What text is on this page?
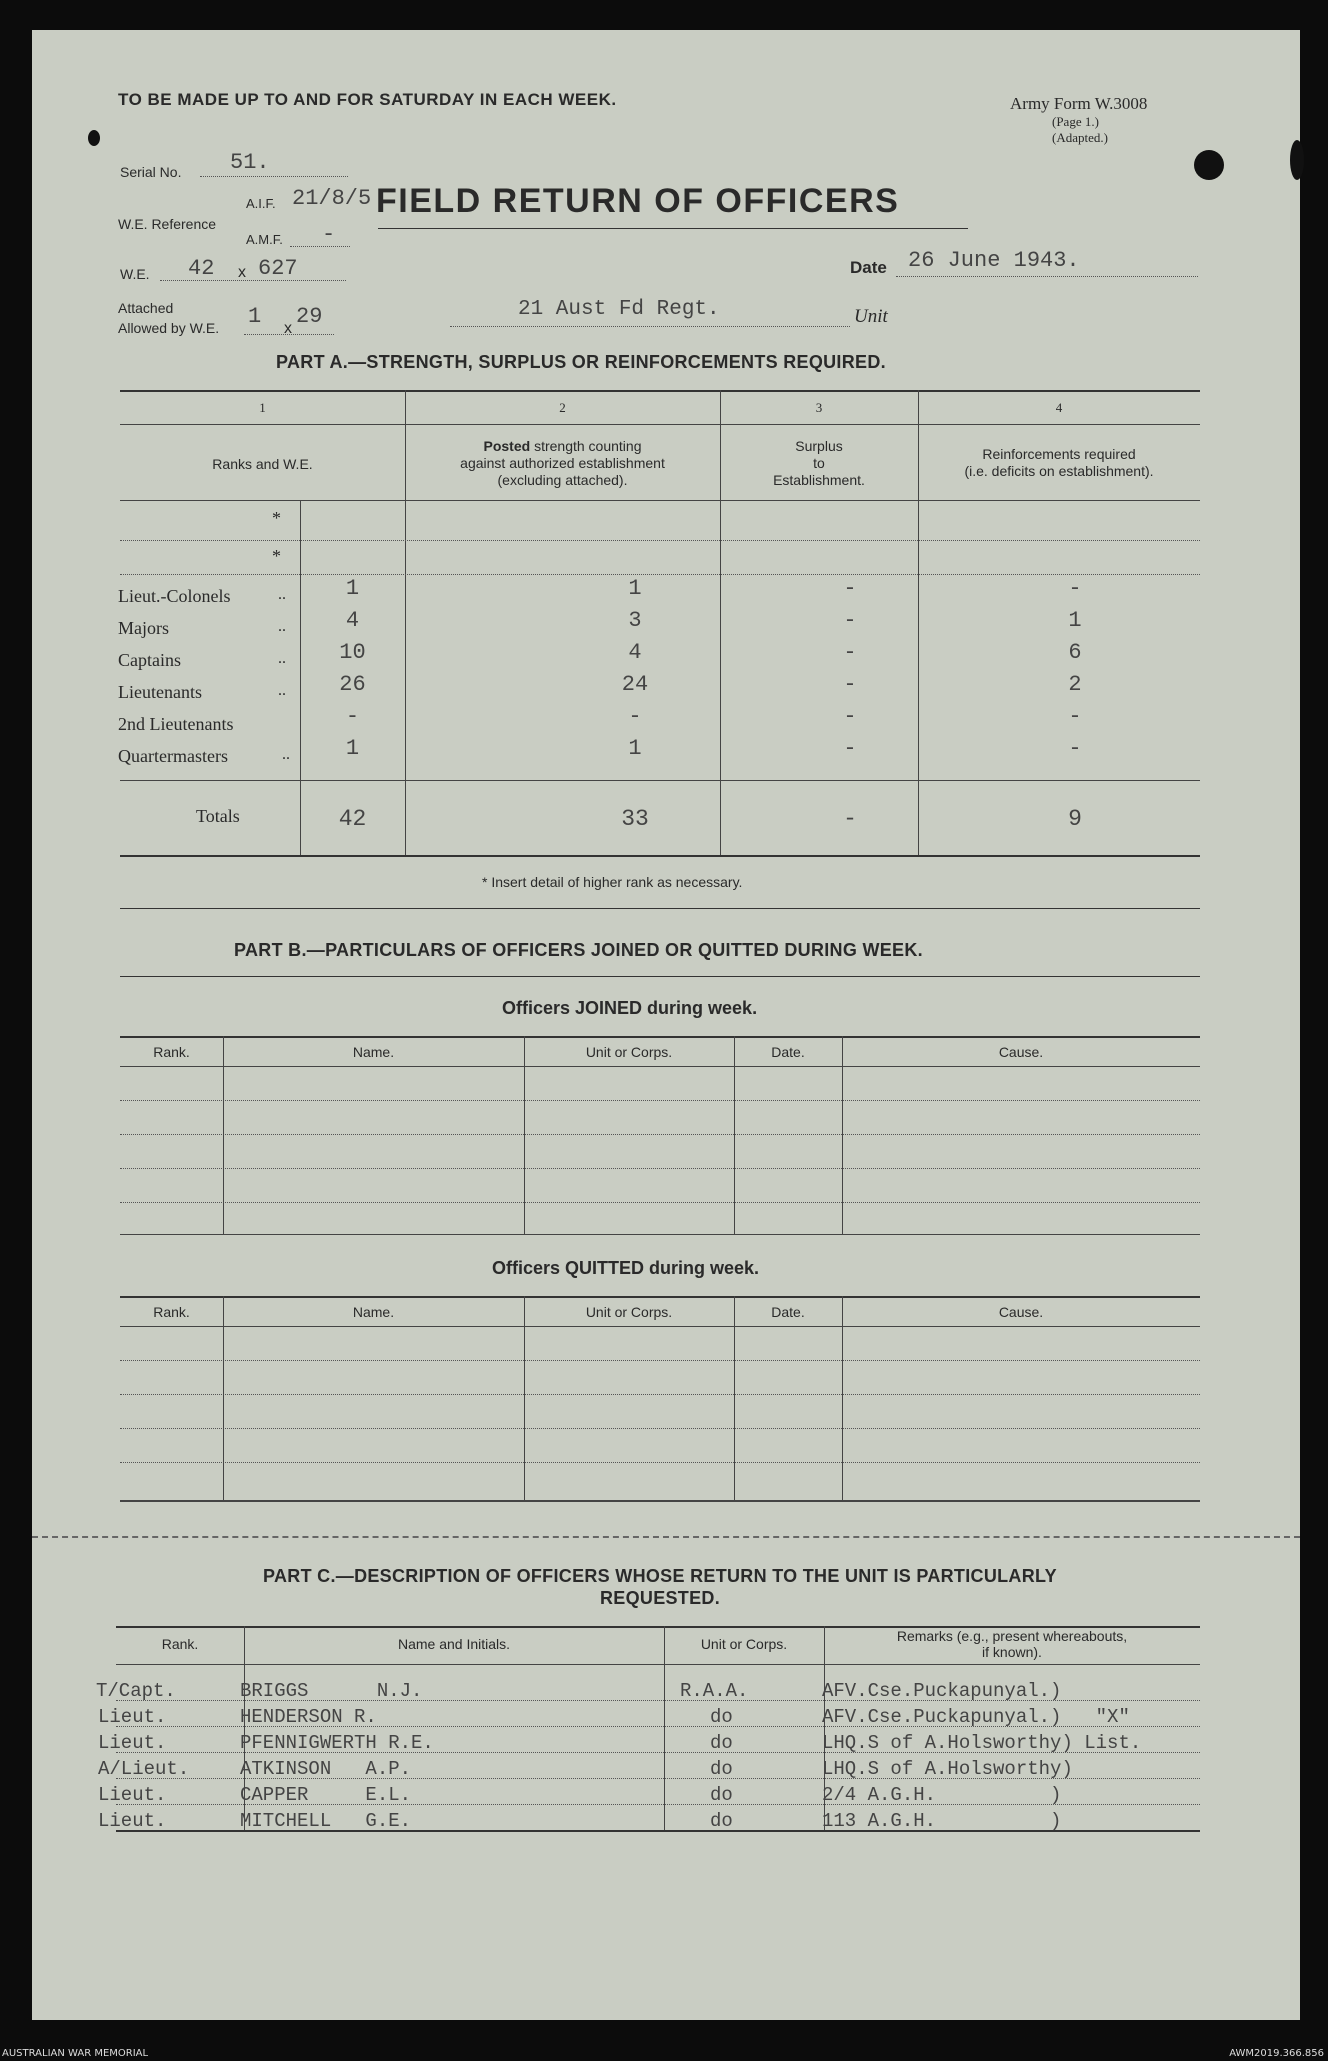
TO BE MADE UP TO AND FOR SATURDAY IN EACH WEEK.	Army Form W.3008
(Page 1.)
(Adapted.)
Serial No. 51.
A.I.F. 21/8/5
W.E. Reference
A.M.F. -
FIELD RETURN OF OFFICERS
W.E. 42 x 627	Date 26 June 1943.
Attached
Allowed by W.E. 1 x 29	21 Aust Fd Regt.	Unit
PART A.—STRENGTH, SURPLUS OR REINFORCEMENTS REQUIRED.
1	2	3	4
Ranks and W.E.
Posted strength counting
against authorized establishment
(excluding attached).
Surplus
to
Establishment.
Reinforcements required
(i.e. deficits on establishment).
*
*
Lieut.-Colonels	..	1	1	-	-
Majors	..	4	3	-	1
Captains	..	10	4	-	6
Lieutenants	..	26	24	-	2
2nd Lieutenants	-	-	-	-
Quartermasters	..	1	1	-	-
Totals	42	33	-	9
* Insert detail of higher rank as necessary.
PART B.—PARTICULARS OF OFFICERS JOINED OR QUITTED DURING WEEK.
Officers JOINED during week.
Rank.	Name.	Unit or Corps.	Date.	Cause.
Officers QUITTED during week.
Rank.	Name.	Unit or Corps.	Date.	Cause.
PART C.—DESCRIPTION OF OFFICERS WHOSE RETURN TO THE UNIT IS PARTICULARLY
REQUESTED.
Rank.	Name and Initials.	Unit or Corps.	Remarks (e.g., present whereabouts,
if known).
T/Capt.	BRIGGS      N.J.	R.A.A.	AFV.Cse.Puckapunyal.)
Lieut.	HENDERSON R.	do	AFV.Cse.Puckapunyal.)   "X"
Lieut.	PFENNIGWERTH R.E.	do	LHQ.S of A.Holsworthy) List.
A/Lieut.	ATKINSON   A.P.	do	LHQ.S of A.Holsworthy)
Lieut.	CAPPER     E.L.	do	2/4 A.G.H.          )
Lieut.	MITCHELL   G.E.	do	113 A.G.H.          )
AUSTRALIAN WAR MEMORIAL	AWM2019.366.856
